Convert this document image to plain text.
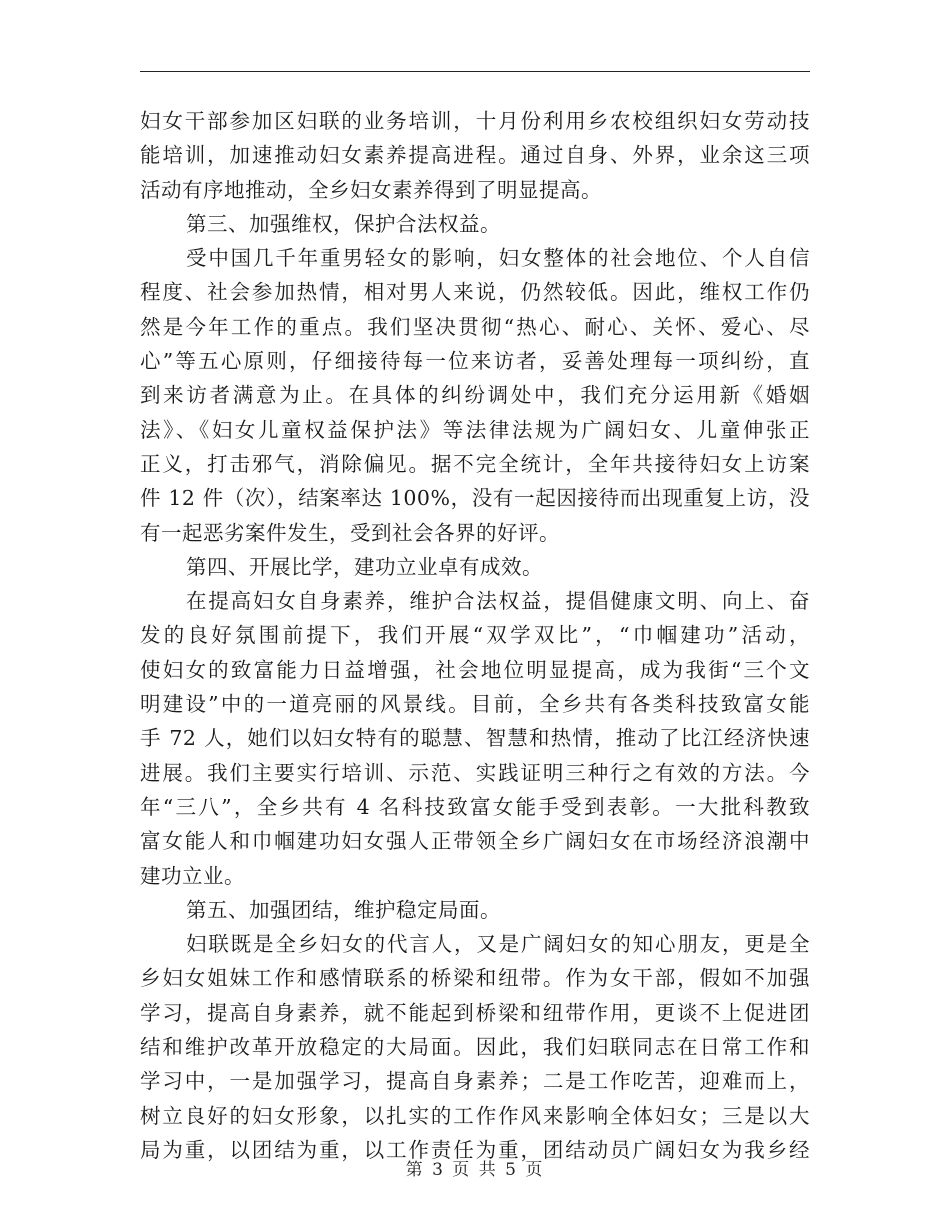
妇女干部参加区妇联的业务培训，十月份利用乡农校组织妇女劳动技
能培训，加速推动妇女素养提高进程。通过自身、外界，业余这三项
活动有序地推动，全乡妇女素养得到了明显提高。
第三、加强维权，保护合法权益。
受中国几千年重男轻女的影响，妇女整体的社会地位、个人自信
程度、社会参加热情，相对男人来说，仍然较低。因此，维权工作仍
然是今年工作的重点。我们坚决贯彻“热心、耐心、关怀、爱心、尽
心”等五心原则，仔细接待每一位来访者，妥善处理每一项纠纷，直
到来访者满意为止。在具体的纠纷调处中，我们充分运用新《婚姻
法》、《妇女儿童权益保护法》等法律法规为广阔妇女、儿童伸张正
正义，打击邪气，消除偏见。据不完全统计，全年共接待妇女上访案
件 12 件（次），结案率达 100%，没有一起因接待而出现重复上访，没
有一起恶劣案件发生，受到社会各界的好评。
第四、开展比学，建功立业卓有成效。
在提高妇女自身素养，维护合法权益，提倡健康文明、向上、奋
发的良好氛围前提下，我们开展“双学双比”，“巾帼建功”活动，
使妇女的致富能力日益增强，社会地位明显提高，成为我街“三个文
明建设”中的一道亮丽的风景线。目前，全乡共有各类科技致富女能
手 72 人，她们以妇女特有的聪慧、智慧和热情，推动了比江经济快速
进展。我们主要实行培训、示范、实践证明三种行之有效的方法。今
年“三八”，全乡共有 4 名科技致富女能手受到表彰。一大批科教致
富女能人和巾帼建功妇女强人正带领全乡广阔妇女在市场经济浪潮中
建功立业。
第五、加强团结，维护稳定局面。
妇联既是全乡妇女的代言人，又是广阔妇女的知心朋友，更是全
乡妇女姐妹工作和感情联系的桥梁和纽带。作为女干部，假如不加强
学习，提高自身素养，就不能起到桥梁和纽带作用，更谈不上促进团
结和维护改革开放稳定的大局面。因此，我们妇联同志在日常工作和
学习中，一是加强学习，提高自身素养；二是工作吃苦，迎难而上，
树立良好的妇女形象，以扎实的工作作风来影响全体妇女；三是以大
局为重，以团结为重，以工作责任为重，团结动员广阔妇女为我乡经
第 3 页 共 5 页
